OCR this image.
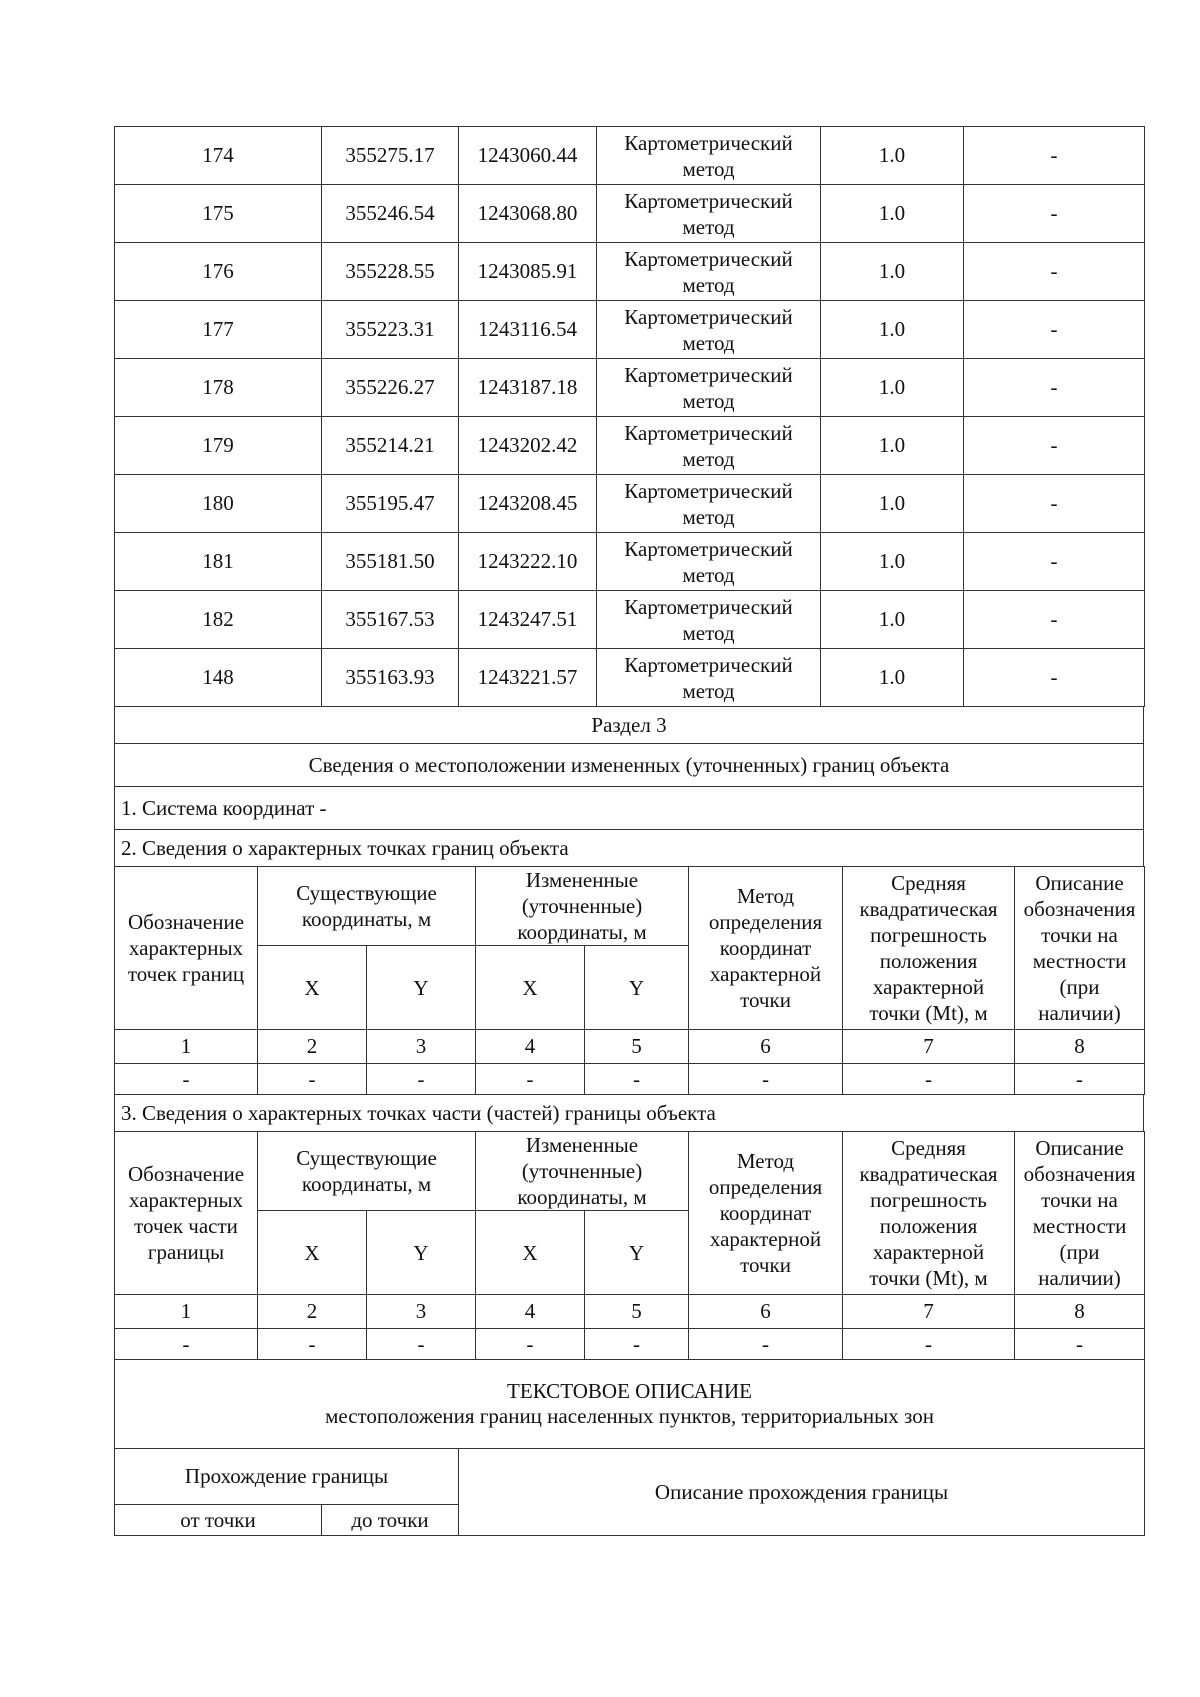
174	355275.17	1243060.44	Картометрический метод	1.0	-
175	355246.54	1243068.80	Картометрический метод	1.0	-
176	355228.55	1243085.91	Картометрический метод	1.0	-
177	355223.31	1243116.54	Картометрический метод	1.0	-
178	355226.27	1243187.18	Картометрический метод	1.0	-
179	355214.21	1243202.42	Картометрический метод	1.0	-
180	355195.47	1243208.45	Картометрический метод	1.0	-
181	355181.50	1243222.10	Картометрический метод	1.0	-
182	355167.53	1243247.51	Картометрический метод	1.0	-
148	355163.93	1243221.57	Картометрический метод	1.0	-
Раздел 3
Сведения о местоположении измененных (уточненных) границ объекта
1. Система координат -
2. Сведения о характерных точках границ объекта
Обозначение характерных точек границ	Существующие координаты, м		Измененные (уточненные) координаты, м		Метод определения координат характерной точки	Средняя квадратическая погрешность положения характерной точки (Mt), м	Описание обозначения точки на местности (при наличии)
	X	Y	X	Y			
1	2	3	4	5	6	7	8
-	-	-	-	-	-	-	-
3. Сведения о характерных точках части (частей) границы объекта
Обозначение характерных точек части границы	Существующие координаты, м		Измененные (уточненные) координаты, м		Метод определения координат характерной точки	Средняя квадратическая погрешность положения характерной точки (Mt), м	Описание обозначения точки на местности (при наличии)
	X	Y	X	Y			
1	2	3	4	5	6	7	8
-	-	-	-	-	-	-	-
ТЕКСТОВОЕ ОПИСАНИЕ
местоположения границ населенных пунктов, территориальных зон		

Прохождение границы		Описание прохождения границы
от точки	до точки	
